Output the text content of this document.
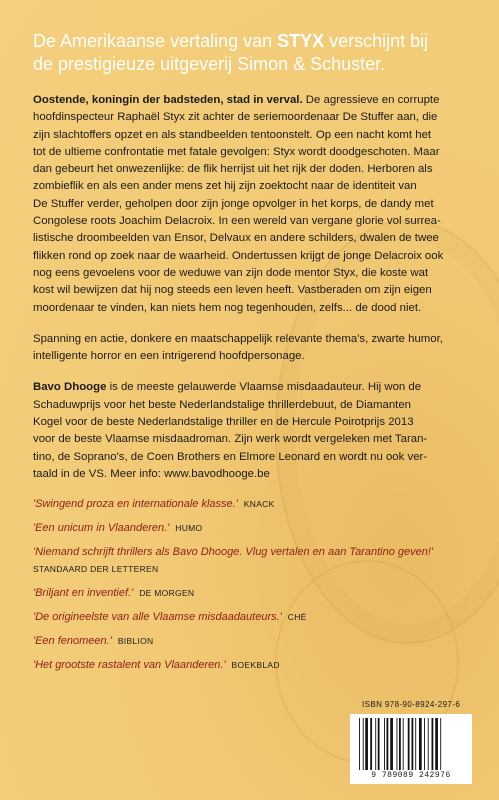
De Amerikaanse vertaling van STYX verschijnt bij
de prestigieuze uitgeverij Simon & Schuster.

Oostende, koningin der badsteden, stad in verval. De agressieve en corrupte
hoofdinspecteur Raphaël Styx zit achter de seriemoordenaar De Stuffer aan, die
zijn slachtoffers opzet en als standbeelden tentoonstelt. Op een nacht komt het
tot de ultieme confrontatie met fatale gevolgen: Styx wordt doodgeschoten. Maar
dan gebeurt het onwezenlijke: de flik herrijst uit het rijk der doden. Herboren als
zombieflik en als een ander mens zet hij zijn zoektocht naar de identiteit van
De Stuffer verder, geholpen door zijn jonge opvolger in het korps, de dandy met
Congolese roots Joachim Delacroix. In een wereld van vergane glorie vol surrea-
listische droombeelden van Ensor, Delvaux en andere schilders, dwalen de twee
flikken rond op zoek naar de waarheid. Ondertussen krijgt de jonge Delacroix ook
nog eens gevoelens voor de weduwe van zijn dode mentor Styx, die koste wat
kost wil bewijzen dat hij nog steeds een leven heeft. Vastberaden om zijn eigen
moordenaar te vinden, kan niets hem nog tegenhouden, zelfs... de dood niet.

Spanning en actie, donkere en maatschappelijk relevante thema's, zwarte humor,
intelligente horror en een intrigerend hoofdpersonage.

Bavo Dhooge is de meeste gelauwerde Vlaamse misdaadauteur. Hij won de
Schaduwprijs voor het beste Nederlandstalige thrillerdebuut, de Diamanten
Kogel voor de beste Nederlandstalige thriller en de Hercule Poirotprijs 2013
voor de beste Vlaamse misdaadroman. Zijn werk wordt vergeleken met Taran-
tino, de Soprano's, de Coen Brothers en Elmore Leonard en wordt nu ook ver-
taald in de VS. Meer info: www.bavodhooge.be

'Swingend proza en internationale klasse.' KNACK
'Een unicum in Vlaanderen.' HUMO
'Niemand schrijft thrillers als Bavo Dhooge. Vlug vertalen en aan Tarantino geven!'
STANDAARD DER LETTEREN
'Briljant en inventief.' DE MORGEN
'De origineelste van alle Vlaamse misdaadauteurs.' CHÉ
'Een fenomeen.' BIBLION
'Het grootste rastalent van Vlaanderen.' BOEKBLAD
ISBN 978-90-8924-297-6
9 789089 242976
